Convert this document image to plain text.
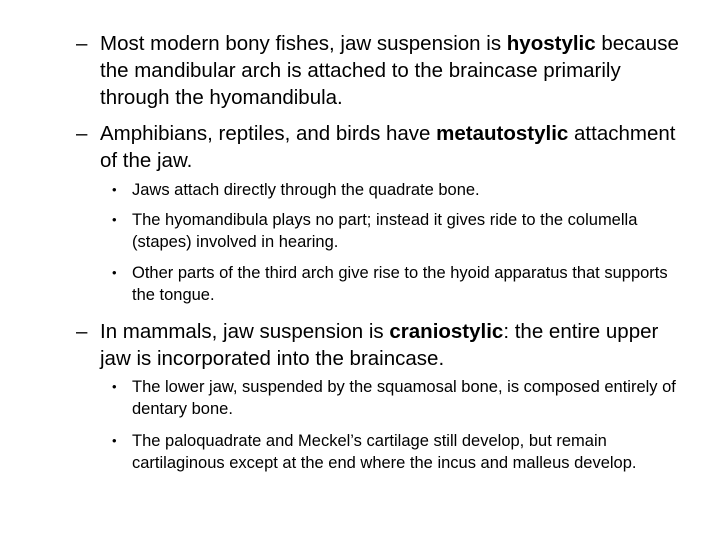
– Most modern bony fishes, jaw suspension is hyostylic because the mandibular arch is attached to the braincase primarily through the hyomandibula.

– Amphibians, reptiles, and birds have metautostylic attachment of the jaw.

• Jaws attach directly through the quadrate bone.

• The hyomandibula plays no part; instead it gives ride to the columella (stapes) involved in hearing.

• Other parts of the third arch give rise to the hyoid apparatus that supports the tongue.

– In mammals, jaw suspension is craniostylic: the entire upper jaw is incorporated into the braincase.

• The lower jaw, suspended by the squamosal bone, is composed entirely of dentary bone.

• The paloquadrate and Meckel’s cartilage still develop, but remain cartilaginous except at the end where the incus and malleus develop.
